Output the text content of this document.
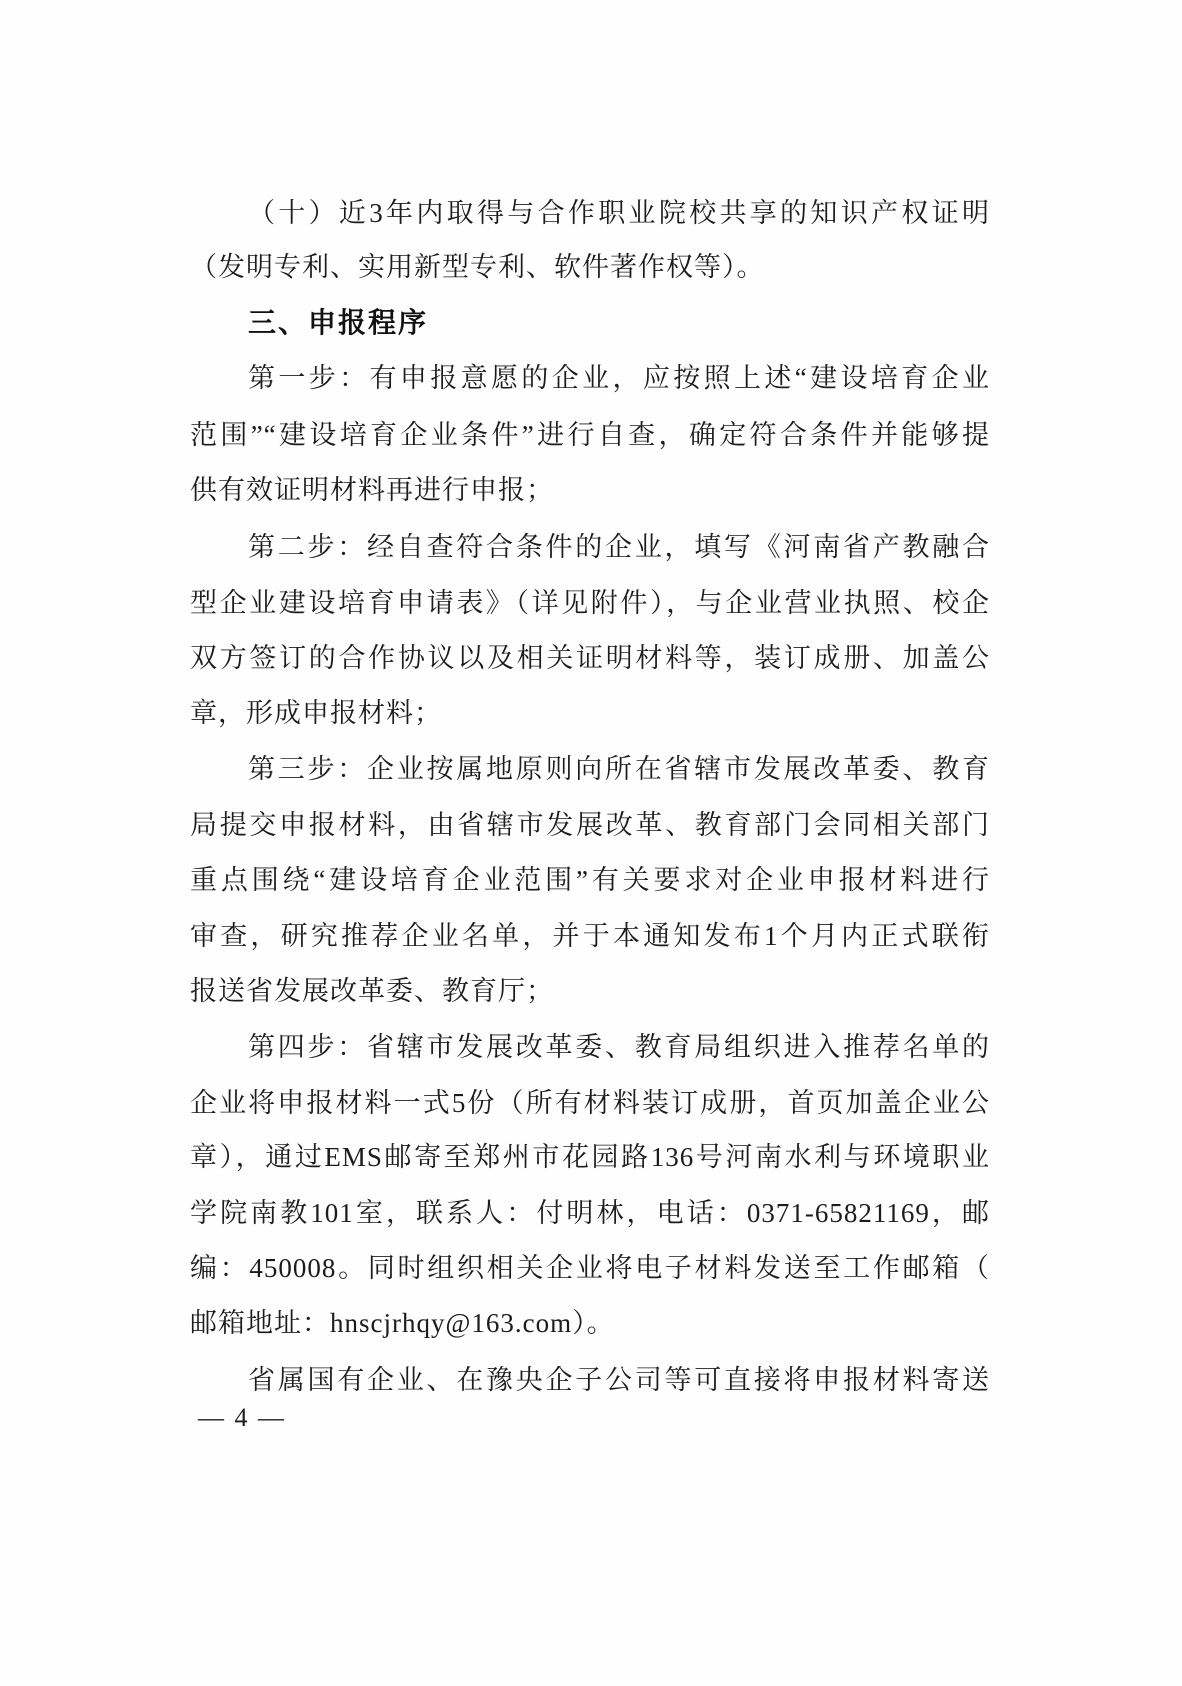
（十）近3年内取得与合作职业院校共享的知识产权证明
（发明专利、实用新型专利、软件著作权等）。
三、申报程序
第一步：有申报意愿的企业，应按照上述“建设培育企业
范围”“建设培育企业条件”进行自查，确定符合条件并能够提
供有效证明材料再进行申报；
第二步：经自查符合条件的企业，填写《河南省产教融合
型企业建设培育申请表》（详见附件），与企业营业执照、校企
双方签订的合作协议以及相关证明材料等，装订成册、加盖公
章，形成申报材料；
第三步：企业按属地原则向所在省辖市发展改革委、教育
局提交申报材料，由省辖市发展改革、教育部门会同相关部门
重点围绕“建设培育企业范围”有关要求对企业申报材料进行
审查，研究推荐企业名单，并于本通知发布1个月内正式联衔
报送省发展改革委、教育厅；
第四步：省辖市发展改革委、教育局组织进入推荐名单的
企业将申报材料一式5份（所有材料装订成册，首页加盖企业公
章），通过EMS邮寄至郑州市花园路136号河南水利与环境职业
学院南教101室，联系人：付明林，电话：0371-65821169，邮
编：450008。同时组织相关企业将电子材料发送至工作邮箱（
邮箱地址：hnscjrhqy@163.com）。
省属国有企业、在豫央企子公司等可直接将申报材料寄送
— 4 —
